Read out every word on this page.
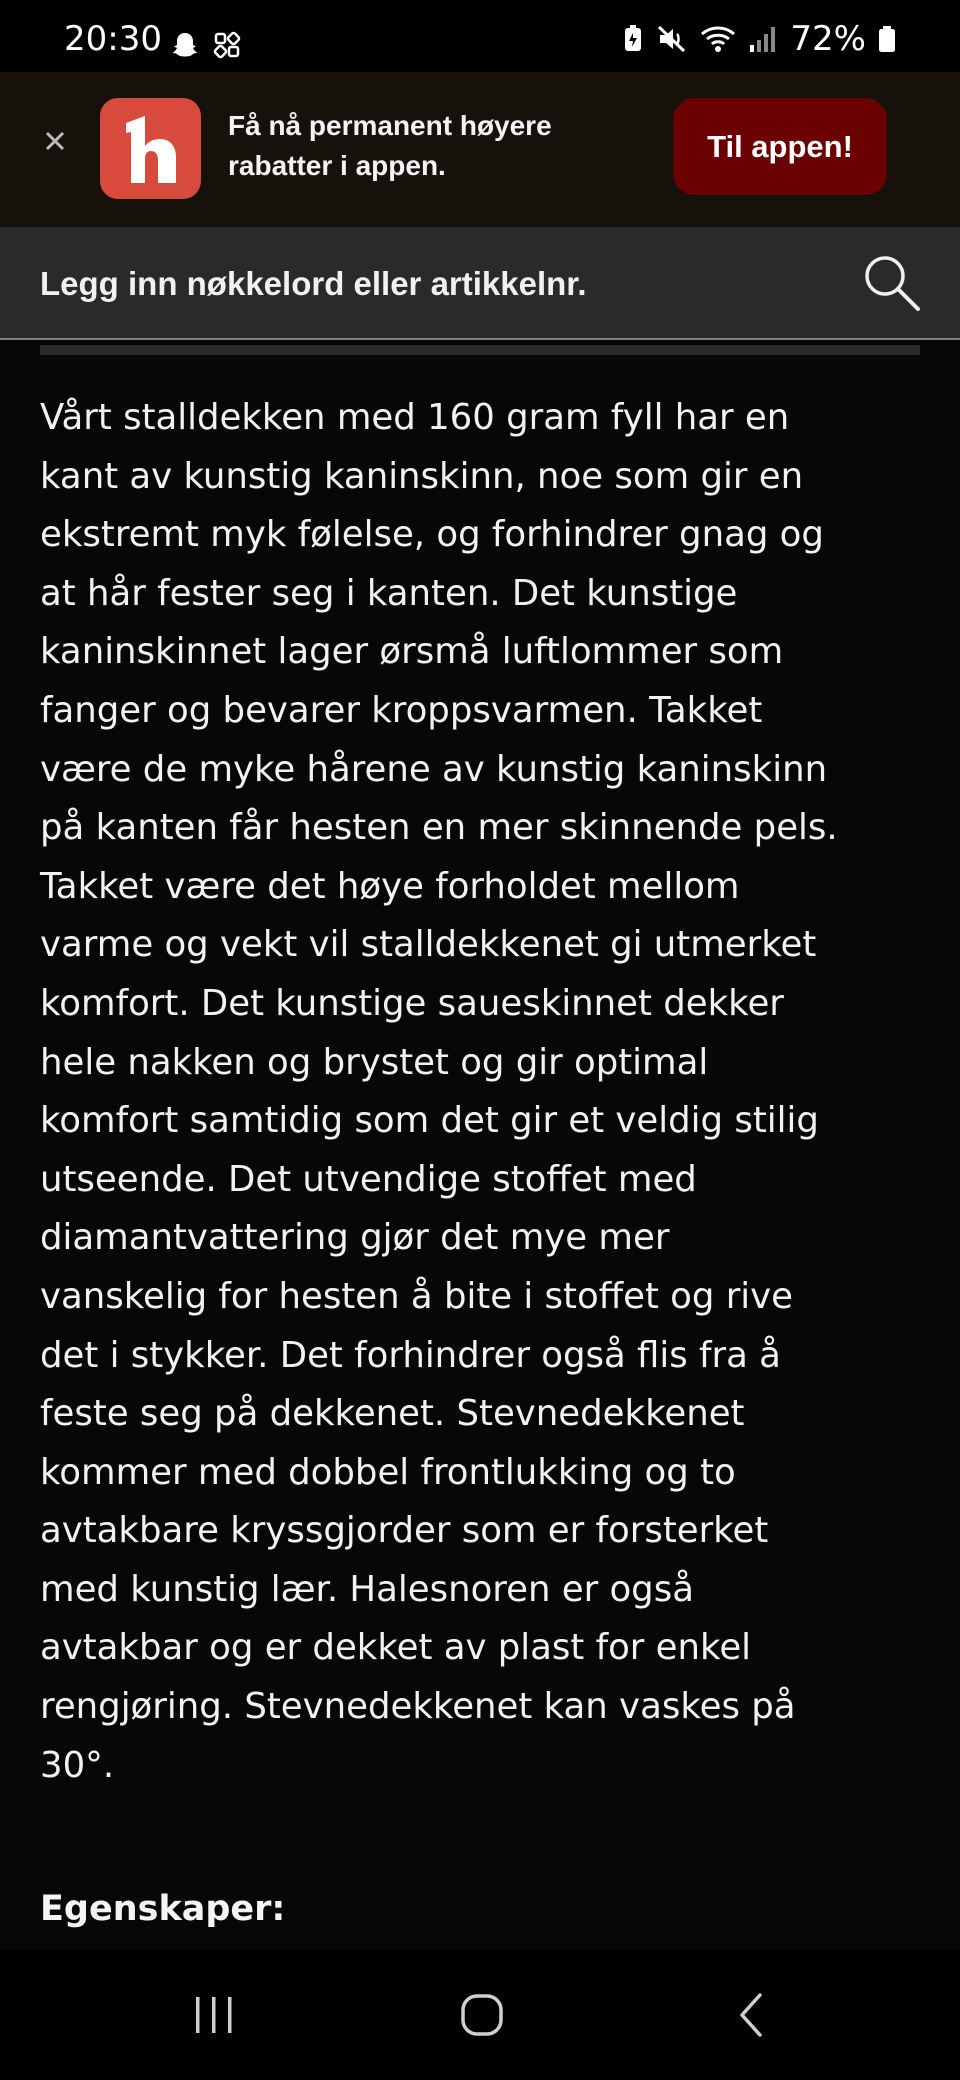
20:30	72%
Få nå permanent høyere
rabatter i appen.
Til appen!
Legg inn nøkkelord eller artikkelnr.
Vårt stalldekken med 160 gram fyll har en
kant av kunstig kaninskinn, noe som gir en
ekstremt myk følelse, og forhindrer gnag og
at hår fester seg i kanten. Det kunstige
kaninskinnet lager ørsmå luftlommer som
fanger og bevarer kroppsvarmen. Takket
være de myke hårene av kunstig kaninskinn
på kanten får hesten en mer skinnende pels.
Takket være det høye forholdet mellom
varme og vekt vil stalldekkenet gi utmerket
komfort. Det kunstige saueskinnet dekker
hele nakken og brystet og gir optimal
komfort samtidig som det gir et veldig stilig
utseende. Det utvendige stoffet med
diamantvattering gjør det mye mer
vanskelig for hesten å bite i stoffet og rive
det i stykker. Det forhindrer også flis fra å
feste seg på dekkenet. Stevnedekkenet
kommer med dobbel frontlukking og to
avtakbare kryssgjorder som er forsterket
med kunstig lær. Halesnoren er også
avtakbar og er dekket av plast for enkel
rengjøring. Stevnedekkenet kan vaskes på
30°.
Egenskaper:
